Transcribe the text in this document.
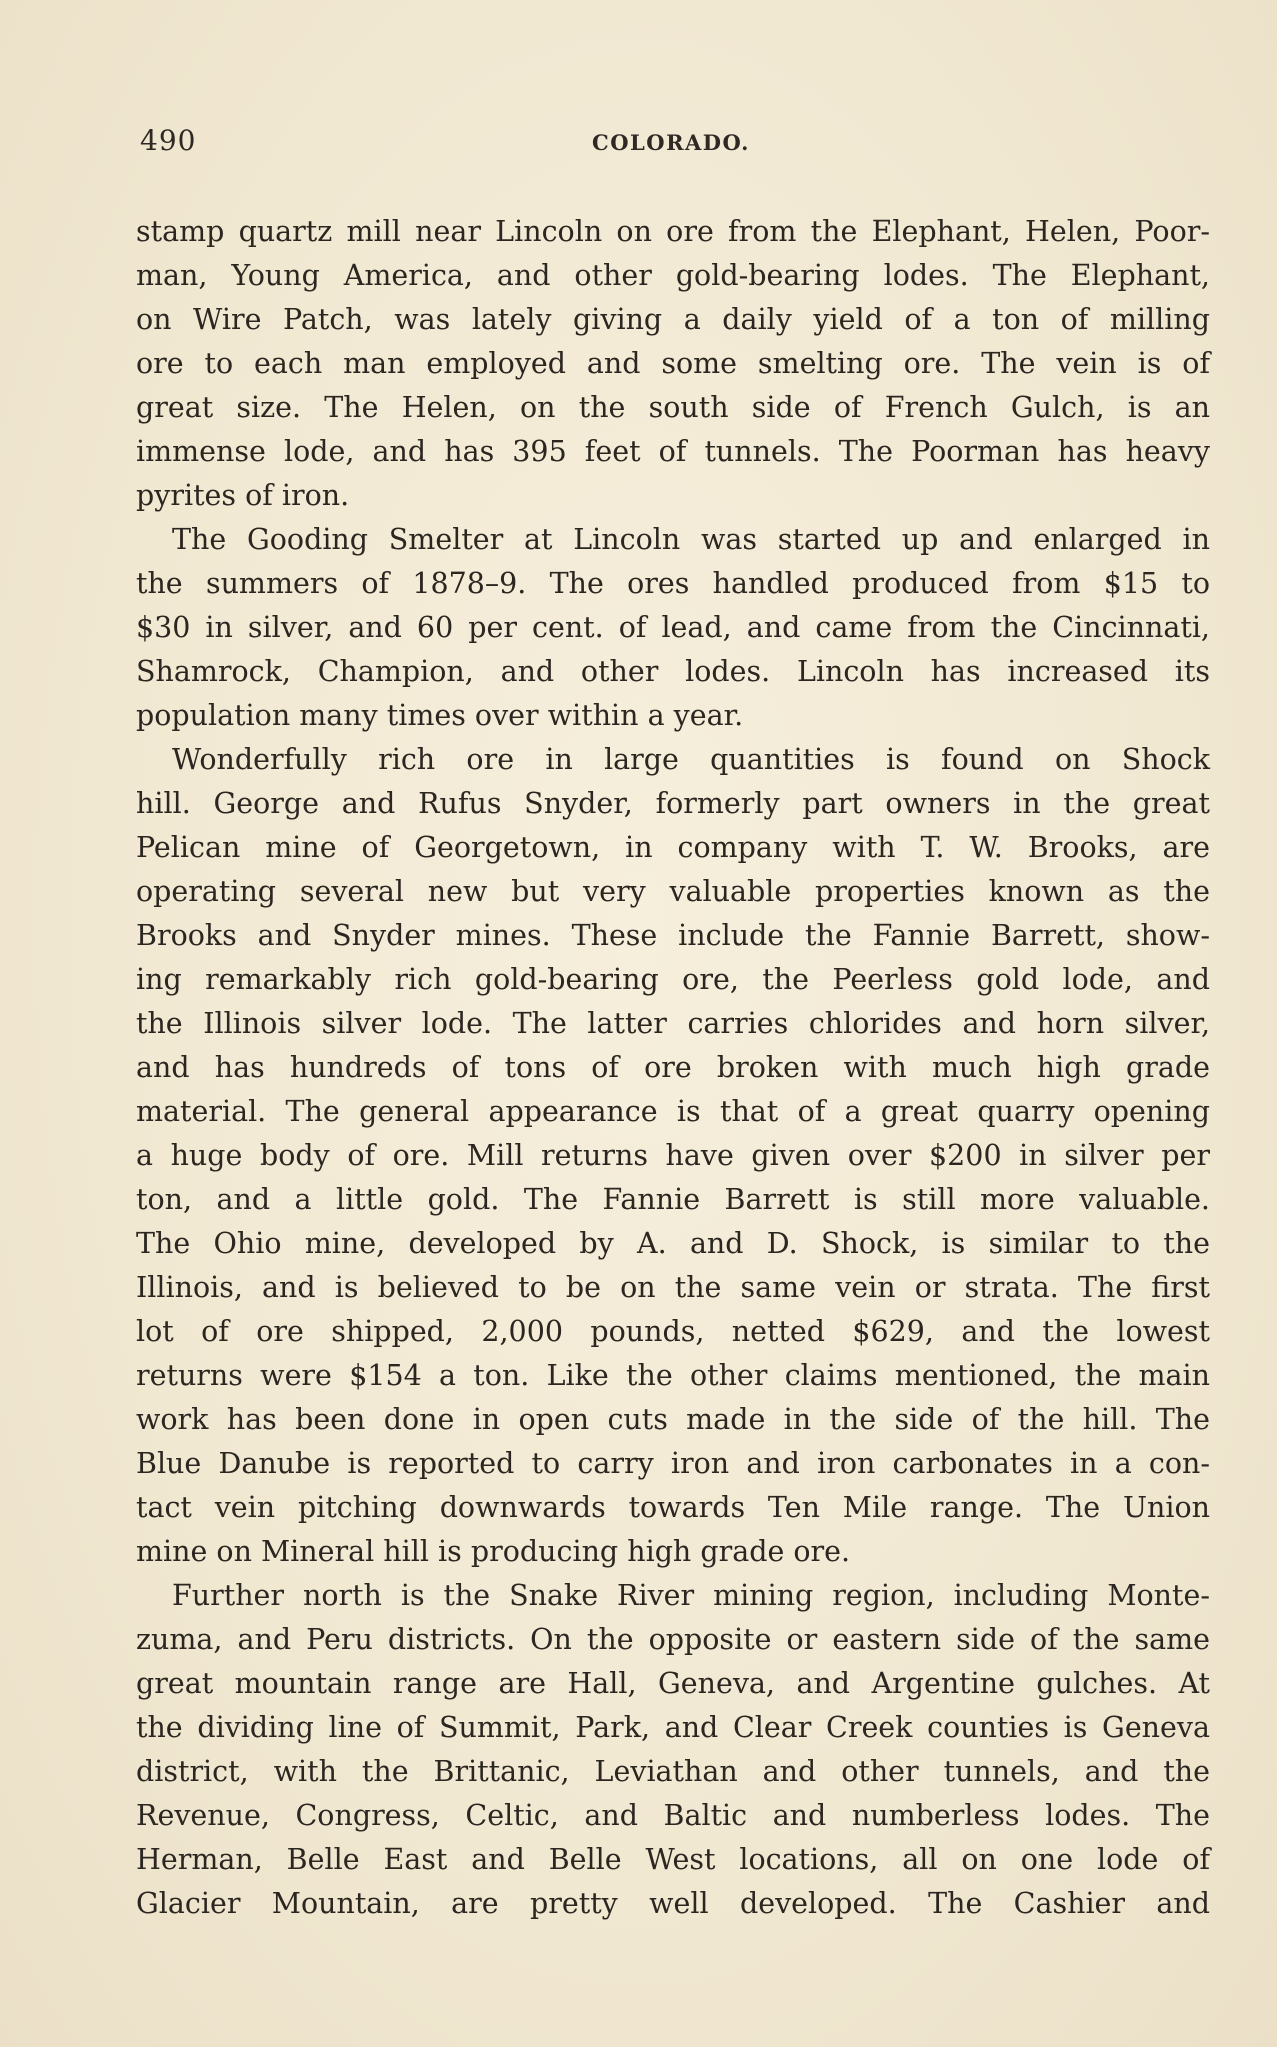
490	COLORADO.

stamp quartz mill near Lincoln on ore from the Elephant, Helen, Poor-
man, Young America, and other gold-bearing lodes. The Elephant,
on Wire Patch, was lately giving a daily yield of a ton of milling
ore to each man employed and some smelting ore. The vein is of
great size. The Helen, on the south side of French Gulch, is an
immense lode, and has 395 feet of tunnels. The Poorman has heavy
pyrites of iron.

The Gooding Smelter at Lincoln was started up and enlarged in
the summers of 1878–9. The ores handled produced from $15 to
$30 in silver, and 60 per cent. of lead, and came from the Cincinnati,
Shamrock, Champion, and other lodes. Lincoln has increased its
population many times over within a year.

Wonderfully rich ore in large quantities is found on Shock
hill. George and Rufus Snyder, formerly part owners in the great
Pelican mine of Georgetown, in company with T. W. Brooks, are
operating several new but very valuable properties known as the
Brooks and Snyder mines. These include the Fannie Barrett, show-
ing remarkably rich gold-bearing ore, the Peerless gold lode, and
the Illinois silver lode. The latter carries chlorides and horn silver,
and has hundreds of tons of ore broken with much high grade
material. The general appearance is that of a great quarry opening
a huge body of ore. Mill returns have given over $200 in silver per
ton, and a little gold. The Fannie Barrett is still more valuable.
The Ohio mine, developed by A. and D. Shock, is similar to the
Illinois, and is believed to be on the same vein or strata. The first
lot of ore shipped, 2,000 pounds, netted $629, and the lowest
returns were $154 a ton. Like the other claims mentioned, the main
work has been done in open cuts made in the side of the hill. The
Blue Danube is reported to carry iron and iron carbonates in a con-
tact vein pitching downwards towards Ten Mile range. The Union
mine on Mineral hill is producing high grade ore.

Further north is the Snake River mining region, including Monte-
zuma, and Peru districts. On the opposite or eastern side of the same
great mountain range are Hall, Geneva, and Argentine gulches. At
the dividing line of Summit, Park, and Clear Creek counties is Geneva
district, with the Brittanic, Leviathan and other tunnels, and the
Revenue, Congress, Celtic, and Baltic and numberless lodes. The
Herman, Belle East and Belle West locations, all on one lode of
Glacier Mountain, are pretty well developed. The Cashier and
